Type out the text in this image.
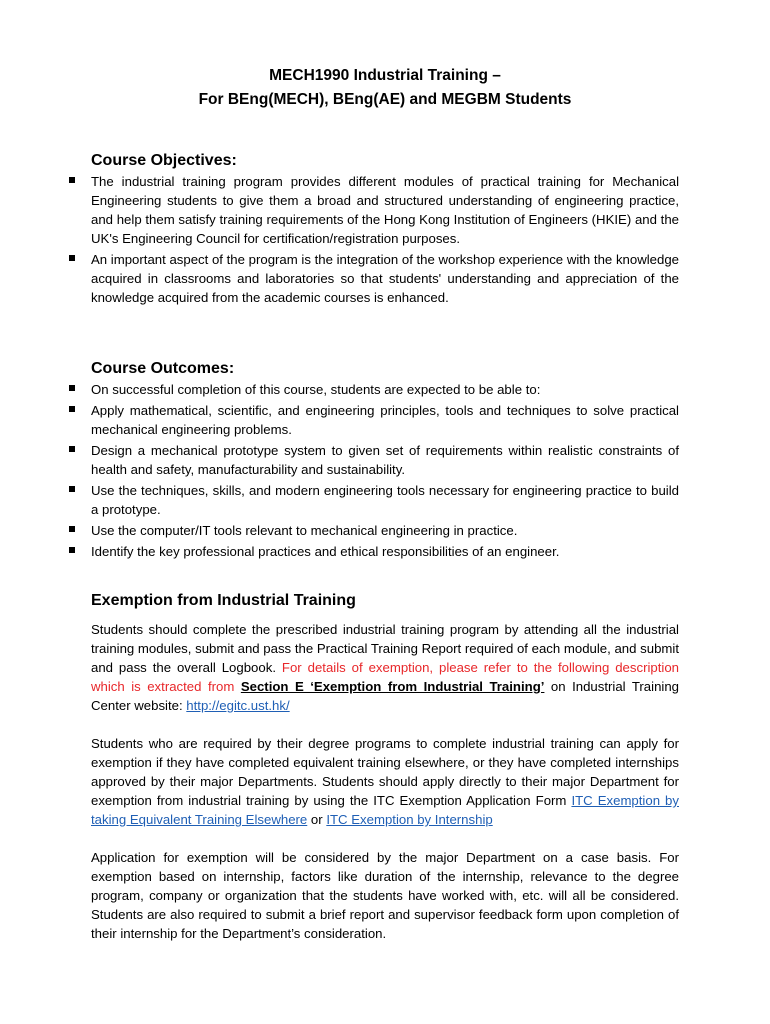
MECH1990 Industrial Training –
For BEng(MECH), BEng(AE) and MEGBM Students
Course Objectives:
The industrial training program provides different modules of practical training for Mechanical Engineering students to give them a broad and structured understanding of engineering practice, and help them satisfy training requirements of the Hong Kong Institution of Engineers (HKIE) and the UK's Engineering Council for certification/registration purposes.
An important aspect of the program is the integration of the workshop experience with the knowledge acquired in classrooms and laboratories so that students' understanding and appreciation of the knowledge acquired from the academic courses is enhanced.
Course Outcomes:
On successful completion of this course, students are expected to be able to:
Apply mathematical, scientific, and engineering principles, tools and techniques to solve practical mechanical engineering problems.
Design a mechanical prototype system to given set of requirements within realistic constraints of health and safety, manufacturability and sustainability.
Use the techniques, skills, and modern engineering tools necessary for engineering practice to build a prototype.
Use the computer/IT tools relevant to mechanical engineering in practice.
Identify the key professional practices and ethical responsibilities of an engineer.
Exemption from Industrial Training

Students should complete the prescribed industrial training program by attending all the industrial training modules, submit and pass the Practical Training Report required of each module, and submit and pass the overall Logbook. For details of exemption, please refer to the following description which is extracted from Section E ‘Exemption from Industrial Training’ on Industrial Training Center website: http://egitc.ust.hk/

Students who are required by their degree programs to complete industrial training can apply for exemption if they have completed equivalent training elsewhere, or they have completed internships approved by their major Departments. Students should apply directly to their major Department for exemption from industrial training by using the ITC Exemption Application Form ITC Exemption by taking Equivalent Training Elsewhere or ITC Exemption by Internship

Application for exemption will be considered by the major Department on a case basis. For exemption based on internship, factors like duration of the internship, relevance to the degree program, company or organization that the students have worked with, etc. will all be considered. Students are also required to submit a brief report and supervisor feedback form upon completion of their internship for the Department’s consideration.
